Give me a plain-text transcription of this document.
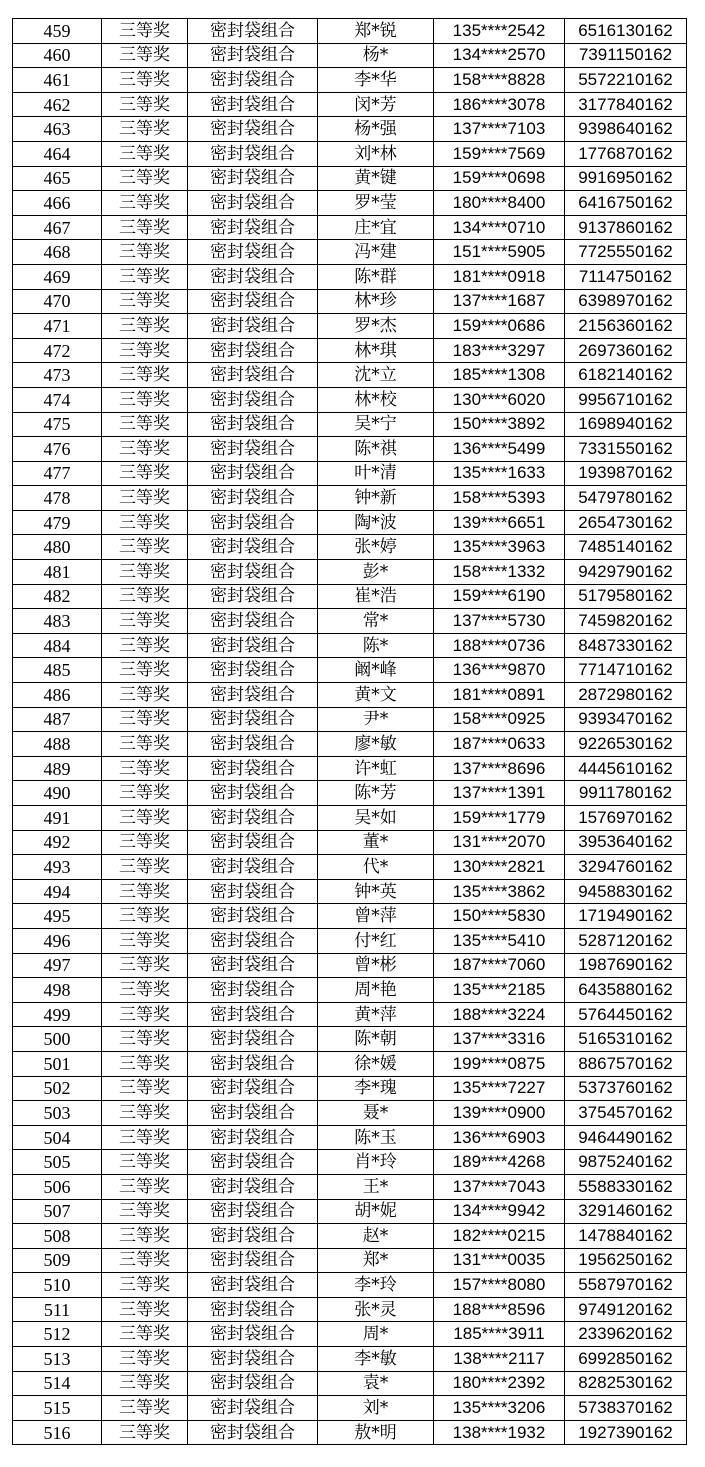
459	三等奖	密封袋组合	郑*锐	135****2542	6516130162
460	三等奖	密封袋组合	杨*	134****2570	7391150162
461	三等奖	密封袋组合	李*华	158****8828	5572210162
462	三等奖	密封袋组合	闵*芳	186****3078	3177840162
463	三等奖	密封袋组合	杨*强	137****7103	9398640162
464	三等奖	密封袋组合	刘*林	159****7569	1776870162
465	三等奖	密封袋组合	黄*键	159****0698	9916950162
466	三等奖	密封袋组合	罗*莹	180****8400	6416750162
467	三等奖	密封袋组合	庄*宜	134****0710	9137860162
468	三等奖	密封袋组合	冯*建	151****5905	7725550162
469	三等奖	密封袋组合	陈*群	181****0918	7114750162
470	三等奖	密封袋组合	林*珍	137****1687	6398970162
471	三等奖	密封袋组合	罗*杰	159****0686	2156360162
472	三等奖	密封袋组合	林*琪	183****3297	2697360162
473	三等奖	密封袋组合	沈*立	185****1308	6182140162
474	三等奖	密封袋组合	林*校	130****6020	9956710162
475	三等奖	密封袋组合	吴*宁	150****3892	1698940162
476	三等奖	密封袋组合	陈*祺	136****5499	7331550162
477	三等奖	密封袋组合	叶*清	135****1633	1939870162
478	三等奖	密封袋组合	钟*新	158****5393	5479780162
479	三等奖	密封袋组合	陶*波	139****6651	2654730162
480	三等奖	密封袋组合	张*婷	135****3963	7485140162
481	三等奖	密封袋组合	彭*	158****1332	9429790162
482	三等奖	密封袋组合	崔*浩	159****6190	5179580162
483	三等奖	密封袋组合	常*	137****5730	7459820162
484	三等奖	密封袋组合	陈*	188****0736	8487330162
485	三等奖	密封袋组合	阚*峰	136****9870	7714710162
486	三等奖	密封袋组合	黄*文	181****0891	2872980162
487	三等奖	密封袋组合	尹*	158****0925	9393470162
488	三等奖	密封袋组合	廖*敏	187****0633	9226530162
489	三等奖	密封袋组合	许*虹	137****8696	4445610162
490	三等奖	密封袋组合	陈*芳	137****1391	9911780162
491	三等奖	密封袋组合	吴*如	159****1779	1576970162
492	三等奖	密封袋组合	董*	131****2070	3953640162
493	三等奖	密封袋组合	代*	130****2821	3294760162
494	三等奖	密封袋组合	钟*英	135****3862	9458830162
495	三等奖	密封袋组合	曾*萍	150****5830	1719490162
496	三等奖	密封袋组合	付*红	135****5410	5287120162
497	三等奖	密封袋组合	曾*彬	187****7060	1987690162
498	三等奖	密封袋组合	周*艳	135****2185	6435880162
499	三等奖	密封袋组合	黄*萍	188****3224	5764450162
500	三等奖	密封袋组合	陈*朝	137****3316	5165310162
501	三等奖	密封袋组合	徐*媛	199****0875	8867570162
502	三等奖	密封袋组合	李*瑰	135****7227	5373760162
503	三等奖	密封袋组合	聂*	139****0900	3754570162
504	三等奖	密封袋组合	陈*玉	136****6903	9464490162
505	三等奖	密封袋组合	肖*玲	189****4268	9875240162
506	三等奖	密封袋组合	王*	137****7043	5588330162
507	三等奖	密封袋组合	胡*妮	134****9942	3291460162
508	三等奖	密封袋组合	赵*	182****0215	1478840162
509	三等奖	密封袋组合	郑*	131****0035	1956250162
510	三等奖	密封袋组合	李*玲	157****8080	5587970162
511	三等奖	密封袋组合	张*灵	188****8596	9749120162
512	三等奖	密封袋组合	周*	185****3911	2339620162
513	三等奖	密封袋组合	李*敏	138****2117	6992850162
514	三等奖	密封袋组合	袁*	180****2392	8282530162
515	三等奖	密封袋组合	刘*	135****3206	5738370162
516	三等奖	密封袋组合	敖*明	138****1932	1927390162
